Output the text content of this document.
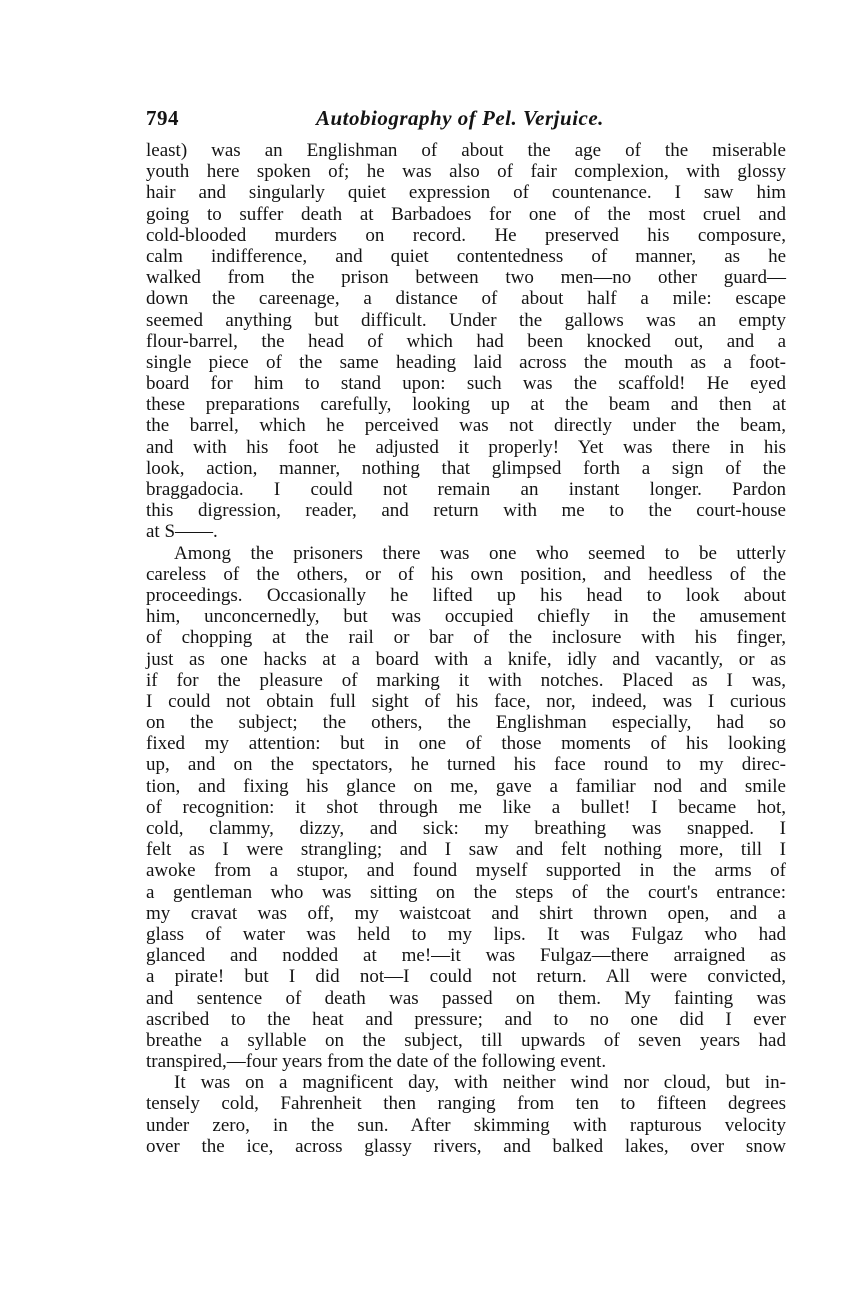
794	Autobiography of Pel. Verjuice.
least) was an Englishman of about the age of the miserable
youth here spoken of; he was also of fair complexion, with glossy
hair and singularly quiet expression of countenance. I saw him
going to suffer death at Barbadoes for one of the most cruel and
cold-blooded murders on record. He preserved his composure,
calm indifference, and quiet contentedness of manner, as he
walked from the prison between two men—no other guard—
down the careenage, a distance of about half a mile: escape
seemed anything but difficult. Under the gallows was an empty
flour-barrel, the head of which had been knocked out, and a
single piece of the same heading laid across the mouth as a foot-
board for him to stand upon: such was the scaffold! He eyed
these preparations carefully, looking up at the beam and then at
the barrel, which he perceived was not directly under the beam,
and with his foot he adjusted it properly! Yet was there in his
look, action, manner, nothing that glimpsed forth a sign of the
braggadocia. I could not remain an instant longer. Pardon
this digression, reader, and return with me to the court-house
at S——.
Among the prisoners there was one who seemed to be utterly
careless of the others, or of his own position, and heedless of the
proceedings. Occasionally he lifted up his head to look about
him, unconcernedly, but was occupied chiefly in the amusement
of chopping at the rail or bar of the inclosure with his finger,
just as one hacks at a board with a knife, idly and vacantly, or as
if for the pleasure of marking it with notches. Placed as I was,
I could not obtain full sight of his face, nor, indeed, was I curious
on the subject; the others, the Englishman especially, had so
fixed my attention: but in one of those moments of his looking
up, and on the spectators, he turned his face round to my direc-
tion, and fixing his glance on me, gave a familiar nod and smile
of recognition: it shot through me like a bullet! I became hot,
cold, clammy, dizzy, and sick: my breathing was snapped. I
felt as I were strangling; and I saw and felt nothing more, till I
awoke from a stupor, and found myself supported in the arms of
a gentleman who was sitting on the steps of the court's entrance:
my cravat was off, my waistcoat and shirt thrown open, and a
glass of water was held to my lips. It was Fulgaz who had
glanced and nodded at me!—it was Fulgaz—there arraigned as
a pirate! but I did not—I could not return. All were convicted,
and sentence of death was passed on them. My fainting was
ascribed to the heat and pressure; and to no one did I ever
breathe a syllable on the subject, till upwards of seven years had
transpired,—four years from the date of the following event.
It was on a magnificent day, with neither wind nor cloud, but in-
tensely cold, Fahrenheit then ranging from ten to fifteen degrees
under zero, in the sun. After skimming with rapturous velocity
over the ice, across glassy rivers, and balked lakes, over snow
